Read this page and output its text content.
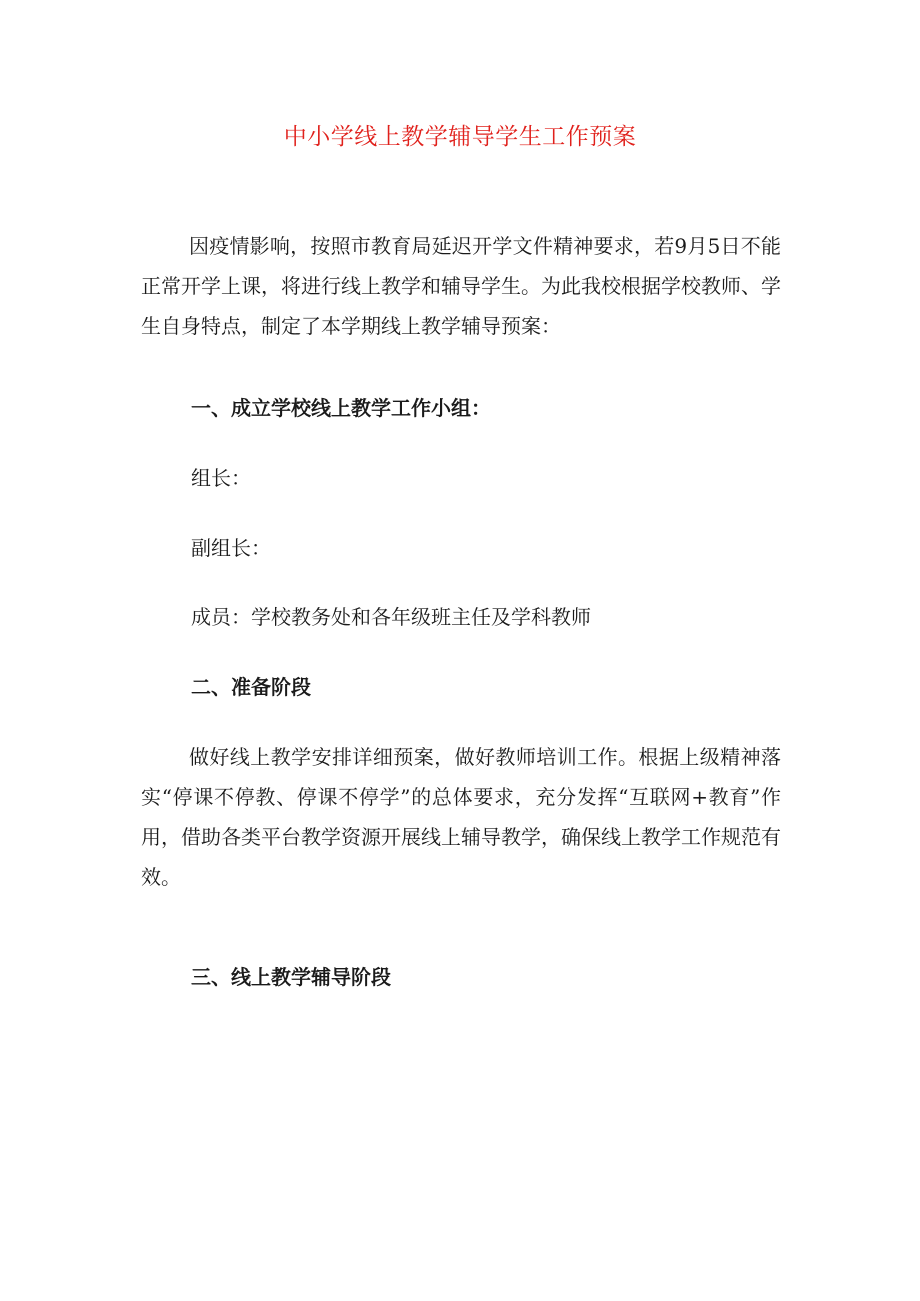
中小学线上教学辅导学生工作预案

因疫情影响，按照市教育局延迟开学文件精神要求，若9月5日不能正常开学上课，将进行线上教学和辅导学生。为此我校根据学校教师、学生自身特点，制定了本学期线上教学辅导预案：

一、成立学校线上教学工作小组：

组长：

副组长：

成员：学校教务处和各年级班主任及学科教师

二、准备阶段

做好线上教学安排详细预案，做好教师培训工作。根据上级精神落实“停课不停教、停课不停学”的总体要求，充分发挥“互联网+教育”作用，借助各类平台教学资源开展线上辅导教学，确保线上教学工作规范有效。

三、线上教学辅导阶段
